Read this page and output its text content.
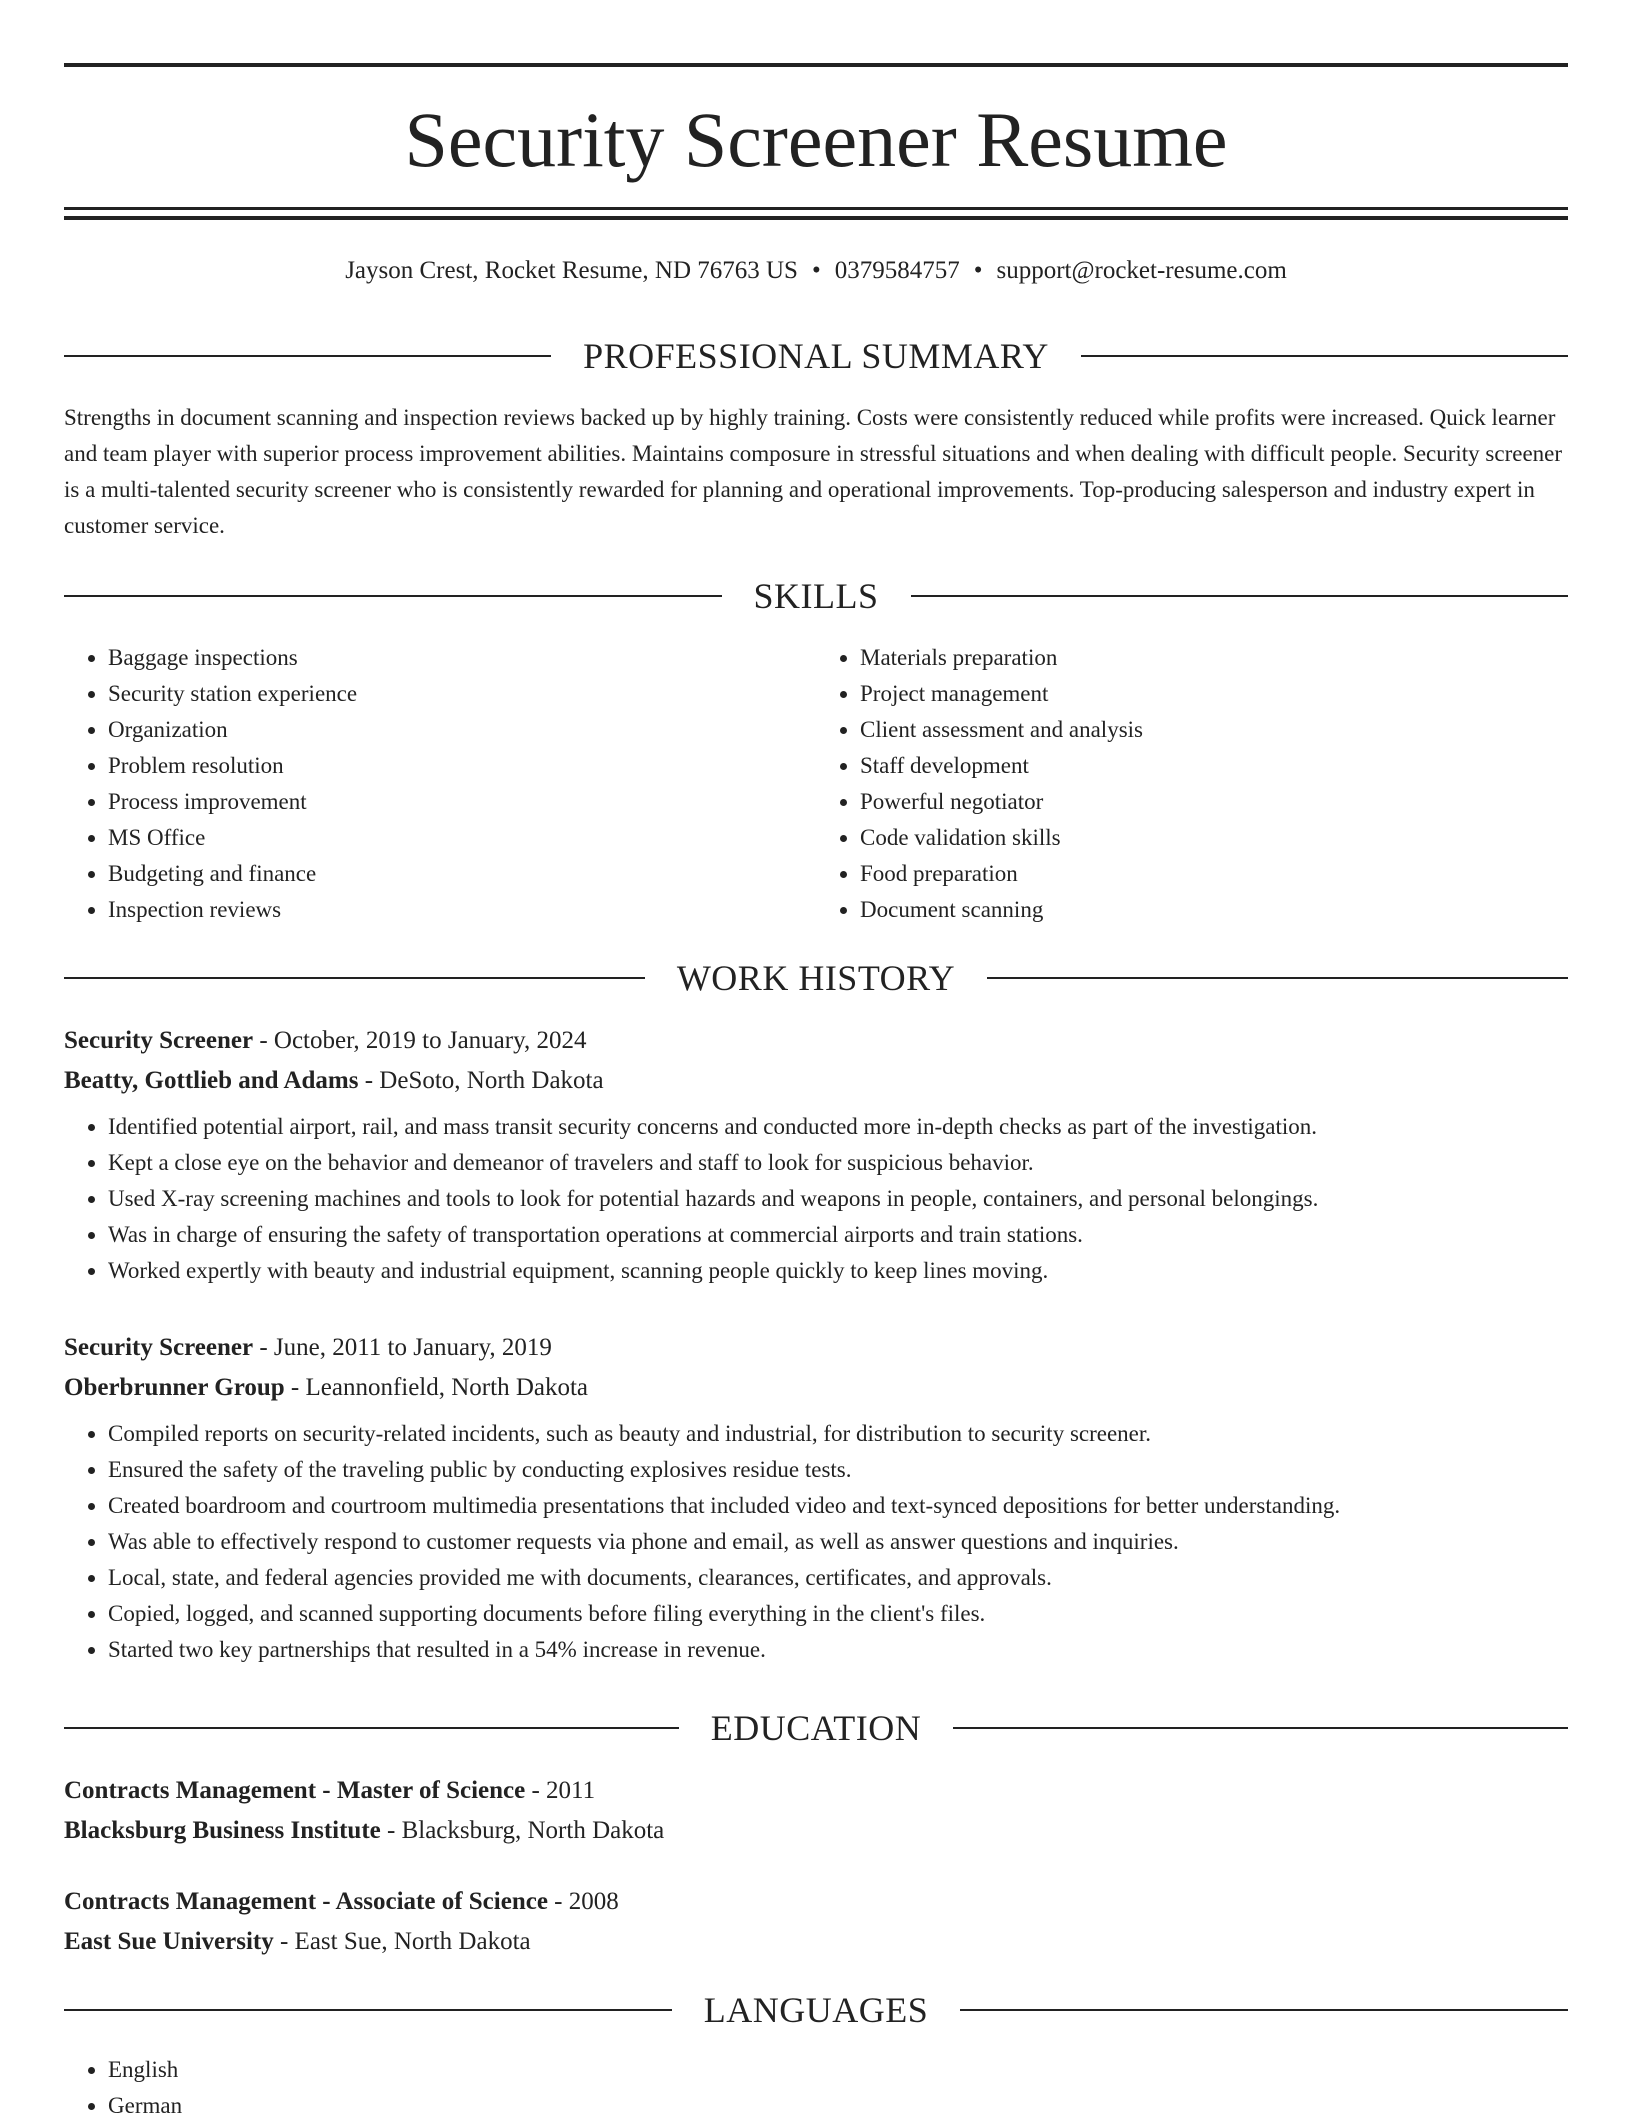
Security Screener Resume
Jayson Crest, Rocket Resume, ND 76763 US • 0379584757 • support@rocket-resume.com
PROFESSIONAL SUMMARY

Strengths in document scanning and inspection reviews backed up by highly training. Costs were consistently reduced while profits were increased. Quick learner and team player with superior process improvement abilities. Maintains composure in stressful situations and when dealing with difficult people. Security screener is a multi-talented security screener who is consistently rewarded for planning and operational improvements. Top-producing salesperson and industry expert in customer service.

SKILLS
• Baggage inspections
• Security station experience
• Organization
• Problem resolution
• Process improvement
• MS Office
• Budgeting and finance
• Inspection reviews
• Materials preparation
• Project management
• Client assessment and analysis
• Staff development
• Powerful negotiator
• Code validation skills
• Food preparation
• Document scanning
WORK HISTORY
Security Screener - October, 2019 to January, 2024
Beatty, Gottlieb and Adams - DeSoto, North Dakota
• Identified potential airport, rail, and mass transit security concerns and conducted more in-depth checks as part of the investigation.
• Kept a close eye on the behavior and demeanor of travelers and staff to look for suspicious behavior.
• Used X-ray screening machines and tools to look for potential hazards and weapons in people, containers, and personal belongings.
• Was in charge of ensuring the safety of transportation operations at commercial airports and train stations.
• Worked expertly with beauty and industrial equipment, scanning people quickly to keep lines moving.
Security Screener - June, 2011 to January, 2019
Oberbrunner Group - Leannonfield, North Dakota
• Compiled reports on security-related incidents, such as beauty and industrial, for distribution to security screener.
• Ensured the safety of the traveling public by conducting explosives residue tests.
• Created boardroom and courtroom multimedia presentations that included video and text-synced depositions for better understanding.
• Was able to effectively respond to customer requests via phone and email, as well as answer questions and inquiries.
• Local, state, and federal agencies provided me with documents, clearances, certificates, and approvals.
• Copied, logged, and scanned supporting documents before filing everything in the client's files.
• Started two key partnerships that resulted in a 54% increase in revenue.
EDUCATION
Contracts Management - Master of Science - 2011
Blacksburg Business Institute - Blacksburg, North Dakota
Contracts Management - Associate of Science - 2008
East Sue University - East Sue, North Dakota
LANGUAGES
• English
• German
